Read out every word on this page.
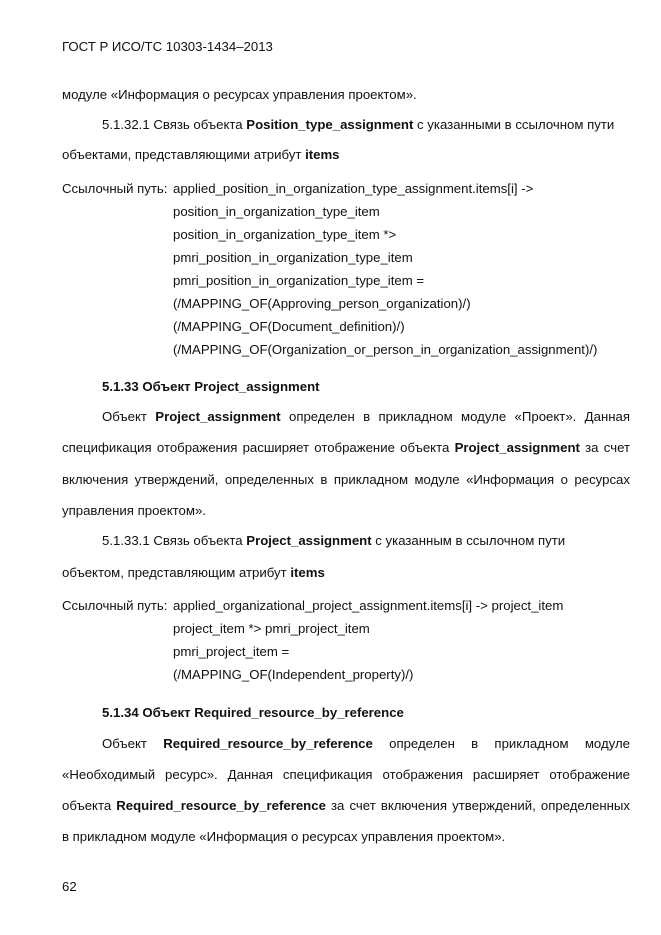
ГОСТ Р ИСО/ТС 10303-1434–2013
модуле «Информация о ресурсах управления проектом».
5.1.32.1 Связь объекта Position_type_assignment с указанными в ссылочном пути
объектами, представляющими атрибут items
Ссылочный путь: applied_position_in_organization_type_assignment.items[i] ->
position_in_organization_type_item
position_in_organization_type_item *>
pmri_position_in_organization_type_item
pmri_position_in_organization_type_item =
(/MAPPING_OF(Approving_person_organization)/)
(/MAPPING_OF(Document_definition)/)
(/MAPPING_OF(Organization_or_person_in_organization_assignment)/)
5.1.33 Объект Project_assignment
Объект Project_assignment определен в прикладном модуле «Проект». Данная
спецификация отображения расширяет отображение объекта Project_assignment за счет
включения утверждений, определенных в прикладном модуле «Информация о ресурсах
управления проектом».
5.1.33.1 Связь объекта Project_assignment с указанным в ссылочном пути
объектом, представляющим атрибут items
Ссылочный путь: applied_organizational_project_assignment.items[i] -> project_item
project_item *> pmri_project_item
pmri_project_item =
(/MAPPING_OF(Independent_property)/)
5.1.34 Объект Required_resource_by_reference
Объект Required_resource_by_reference определен в прикладном модуле
«Необходимый ресурс». Данная спецификация отображения расширяет отображение
объекта Required_resource_by_reference за счет включения утверждений, определенных
в прикладном модуле «Информация о ресурсах управления проектом».
62
